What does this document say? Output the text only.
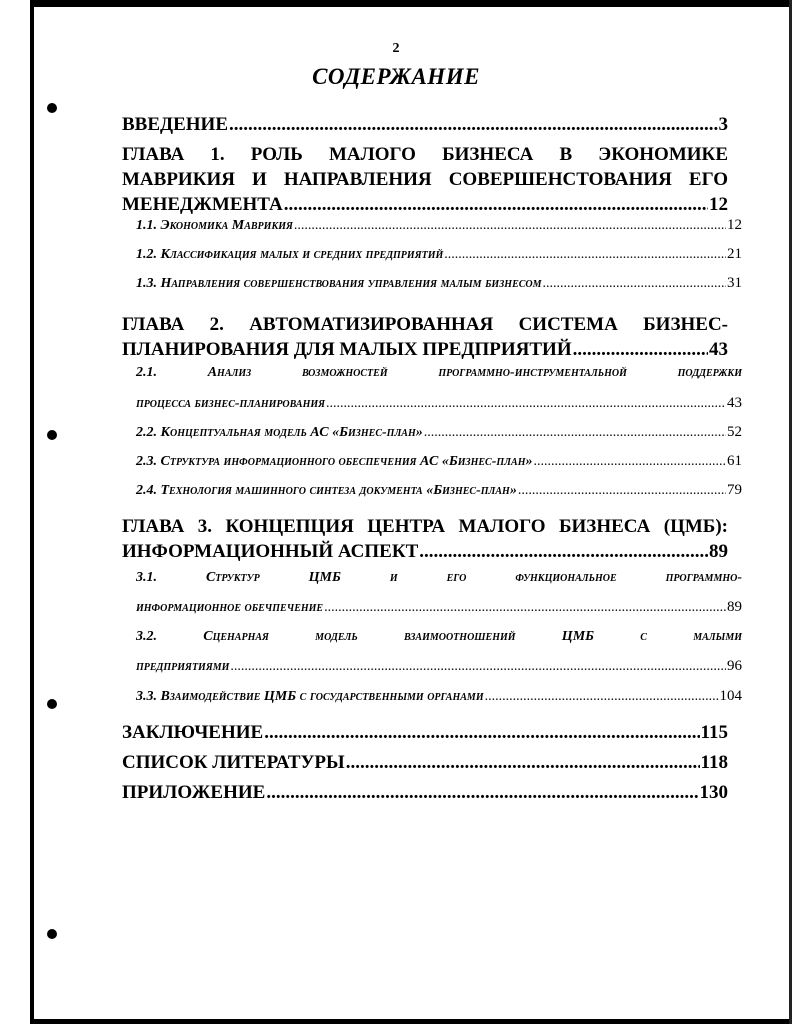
2
СОДЕРЖАНИЕ
ВВЕДЕНИЕ .....	3
ГЛАВА 1. РОЛЬ МАЛОГО БИЗНЕСА В ЭКОНОМИКЕ
МАВРИКИЯ И НАПРАВЛЕНИЯ СОВЕРШЕНСТОВАНИЯ ЕГО
МЕНЕДЖМЕНТА .....	12
1.1. Экономика Маврикия .....	12
1.2. Классификация малых и средних предприятий .....	21
1.3. Направления совершенствования управления малым бизнесом .....	31
ГЛАВА 2. АВТОМАТИЗИРОВАННАЯ СИСТЕМА БИЗНЕС-
ПЛАНИРОВАНИЯ ДЛЯ МАЛЫХ ПРЕДПРИЯТИЙ .....	43
2.1. Анализ возможностей программно-инструментальной поддержки
процесса бизнес-планирования .....	43
2.2. Концептуальная модель АС «Бизнес-план» .....	52
2.3. Структура информационного обеспечения АС «Бизнес-план» .....	61
2.4. Технология машинного синтеза документа «Бизнес-план» .....	79
ГЛАВА 3. КОНЦЕПЦИЯ ЦЕНТРА МАЛОГО БИЗНЕСА (ЦМБ):
ИНФОРМАЦИОННЫЙ АСПЕКТ .....	89
3.1. Структур ЦМБ и его функциональное программно-
информационное обечпечение .....	89
3.2. Сценарная модель взаимоотношений ЦМБ с малыми
предприятиями .....	96
3.3. Взаимодействие ЦМБ с государственными органами .....	104
ЗАКЛЮЧЕНИЕ .....	115
СПИСОК ЛИТЕРАТУРЫ .....	118
ПРИЛОЖЕНИЕ .....	130
